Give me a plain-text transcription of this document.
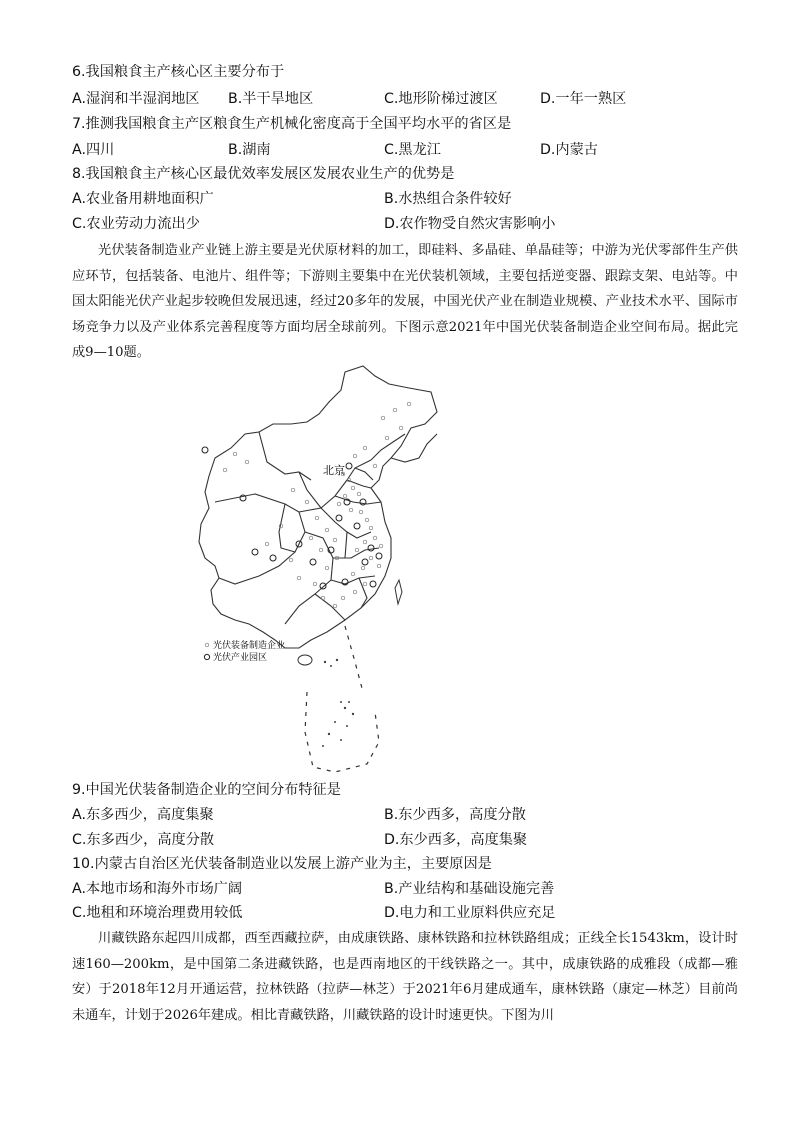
6.我国粮食主产核心区主要分布于
A.湿润和半湿润地区 B.半干旱地区	C.地形阶梯过渡区	D.一年一熟区
7.推测我国粮食主产区粮食生产机械化密度高于全国平均水平的省区是
A.四川	B.湖南	C.黑龙江	D.内蒙古
8.我国粮食主产核心区最优效率发展区发展农业生产的优势是
A.农业备用耕地面积广	B.水热组合条件较好
C.农业劳动力流出少	D.农作物受自然灾害影响小
光伏装备制造业产业链上游主要是光伏原材料的加工，即硅料、多晶硅、单晶硅等；中游为光伏零部件生产供应环节，包括装备、电池片、组件等；下游则主要集中在光伏装机领域，主要包括逆变器、跟踪支架、电站等。中国太阳能光伏产业起步较晚但发展迅速，经过20多年的发展，中国光伏产业在制造业规模、产业技术水平、国际市场竞争力以及产业体系完善程度等方面均居全球前列。下图示意2021年中国光伏装备制造企业空间布局。据此完成9—10题。
北京
光伏装备制造企业
光伏产业园区
9.中国光伏装备制造企业的空间分布特征是
A.东多西少，高度集聚	B.东少西多，高度分散
C.东多西少，高度分散	D.东少西多，高度集聚
10.内蒙古自治区光伏装备制造业以发展上游产业为主，主要原因是
A.本地市场和海外市场广阔	B.产业结构和基础设施完善
C.地租和环境治理费用较低	D.电力和工业原料供应充足
川藏铁路东起四川成都，西至西藏拉萨，由成康铁路、康林铁路和拉林铁路组成；正线全长1543km，设计时速160—200km，是中国第二条进藏铁路，也是西南地区的干线铁路之一。其中，成康铁路的成雅段（成都—雅安）于2018年12月开通运营，拉林铁路（拉萨—林芝）于2021年6月建成通车，康林铁路（康定—林芝）目前尚未通车，计划于2026年建成。相比青藏铁路，川藏铁路的设计时速更快。下图为川
